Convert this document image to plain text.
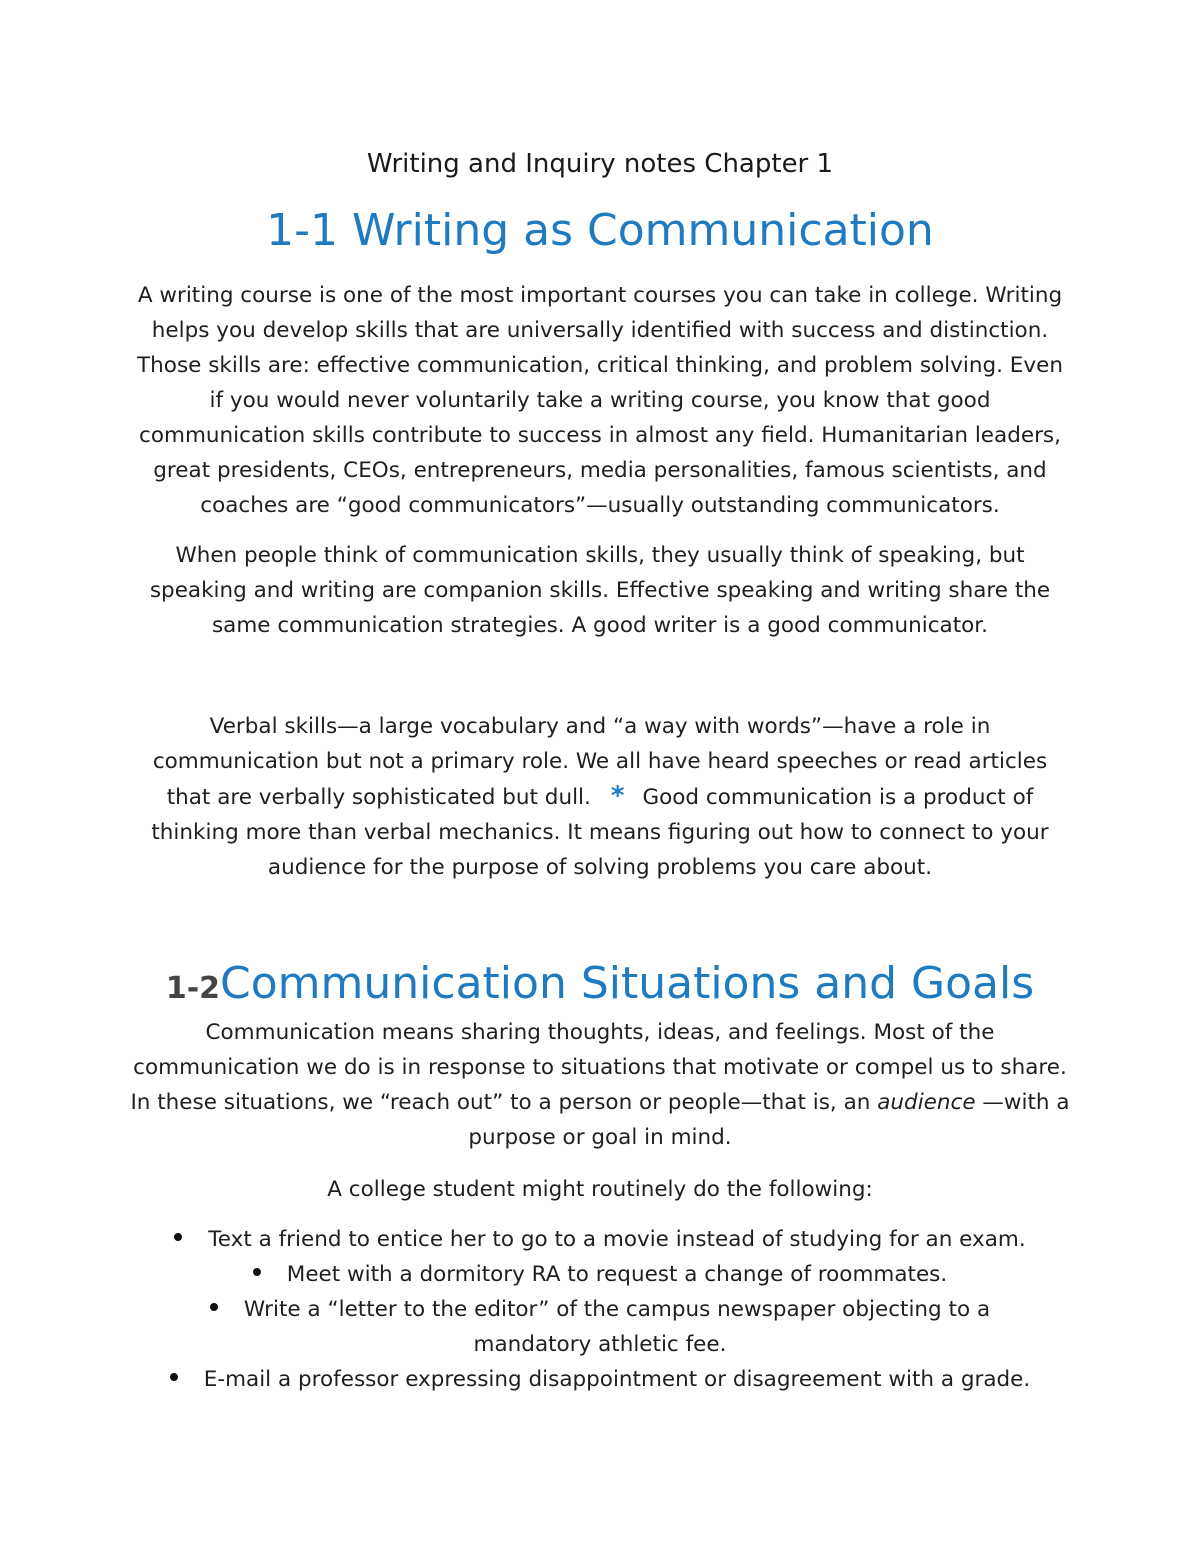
Writing and Inquiry notes Chapter 1
1-1 Writing as Communication

A writing course is one of the most important courses you can take in college. Writing helps you develop skills that are universally identified with success and distinction. Those skills are: effective communication, critical thinking, and problem solving. Even if you would never voluntarily take a writing course, you know that good communication skills contribute to success in almost any field. Humanitarian leaders, great presidents, CEOs, entrepreneurs, media personalities, famous scientists, and coaches are “good communicators”—usually outstanding communicators.

When people think of communication skills, they usually think of speaking, but speaking and writing are companion skills. Effective speaking and writing share the same communication strategies. A good writer is a good communicator.

Verbal skills—a large vocabulary and “a way with words”—have a role in communication but not a primary role. We all have heard speeches or read articles that are verbally sophisticated but dull. * Good communication is a product of thinking more than verbal mechanics. It means figuring out how to connect to your audience for the purpose of solving problems you care about.

1-2Communication Situations and Goals

Communication means sharing thoughts, ideas, and feelings. Most of the communication we do is in response to situations that motivate or compel us to share. In these situations, we “reach out” to a person or people—that is, an audience —with a purpose or goal in mind.

A college student might routinely do the following:

Text a friend to entice her to go to a movie instead of studying for an exam.
Meet with a dormitory RA to request a change of roommates.
Write a “letter to the editor” of the campus newspaper objecting to a mandatory athletic fee.
E-mail a professor expressing disappointment or disagreement with a grade.
